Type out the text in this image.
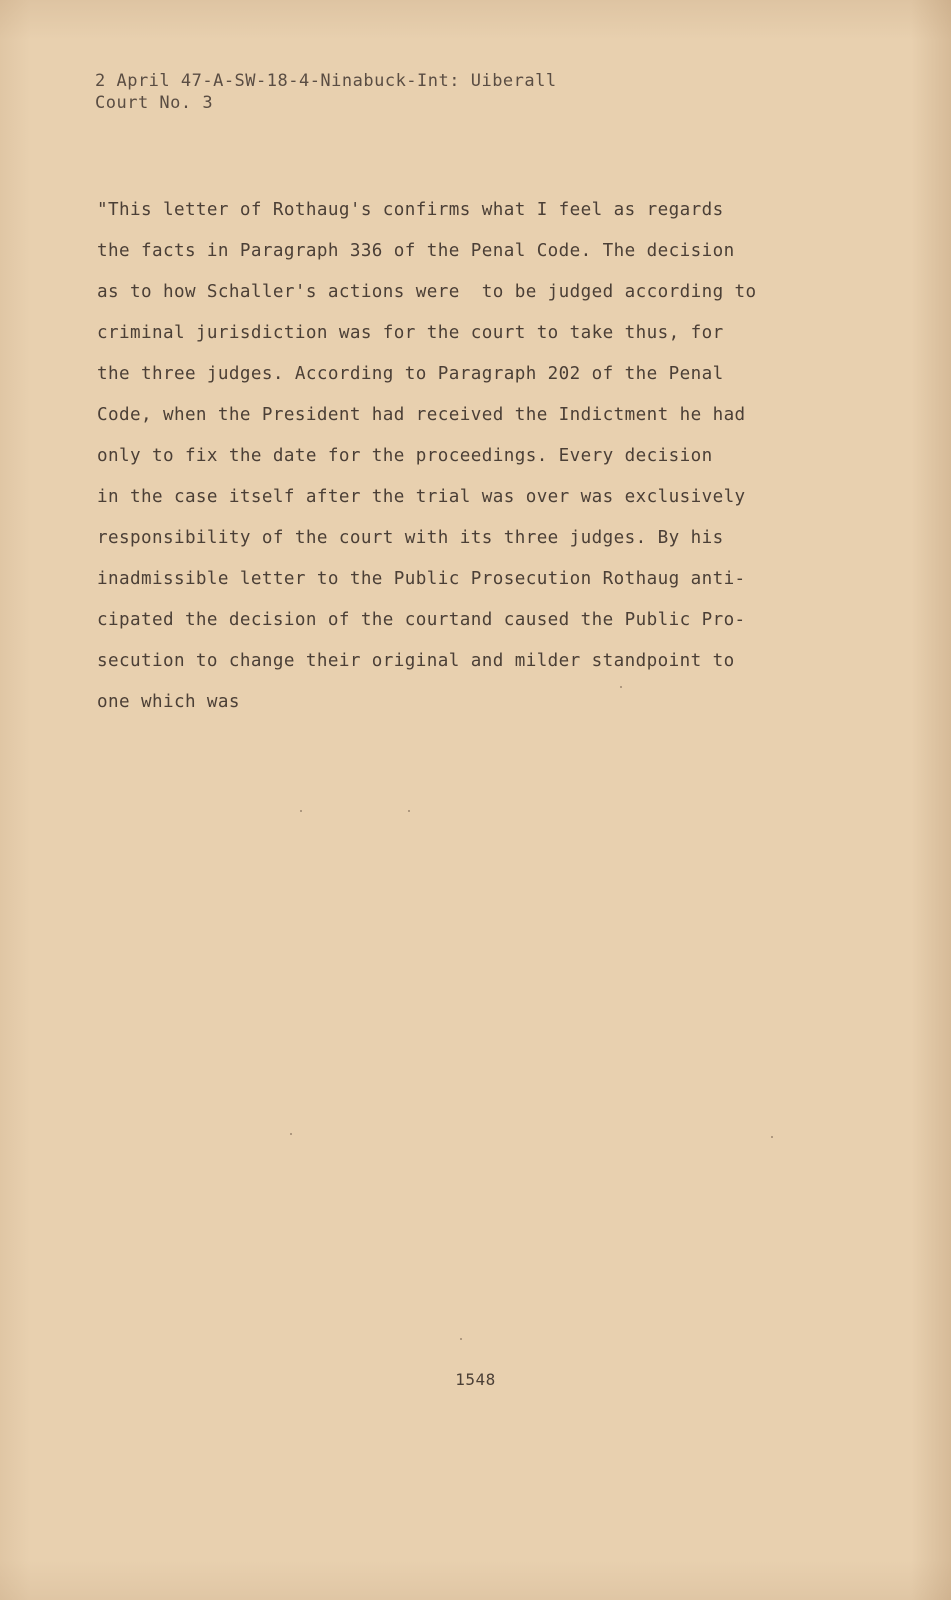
2 April 47-A-SW-18-4-Ninabuck-Int: Uiberall
Court No. 3
"This letter of Rothaug's confirms what I feel as regards
the facts in Paragraph 336 of the Penal Code. The decision
as to how Schaller's actions were  to be judged according to
criminal jurisdiction was for the court to take thus, for
the three judges. According to Paragraph 202 of the Penal
Code, when the President had received the Indictment he had
only to fix the date for the proceedings. Every decision
in the case itself after the trial was over was exclusively
responsibility of the court with its three judges. By his
inadmissible letter to the Public Prosecution Rothaug anti-
cipated the decision of the courtand caused the Public Pro-
secution to change their original and milder standpoint to
one which was
1548
